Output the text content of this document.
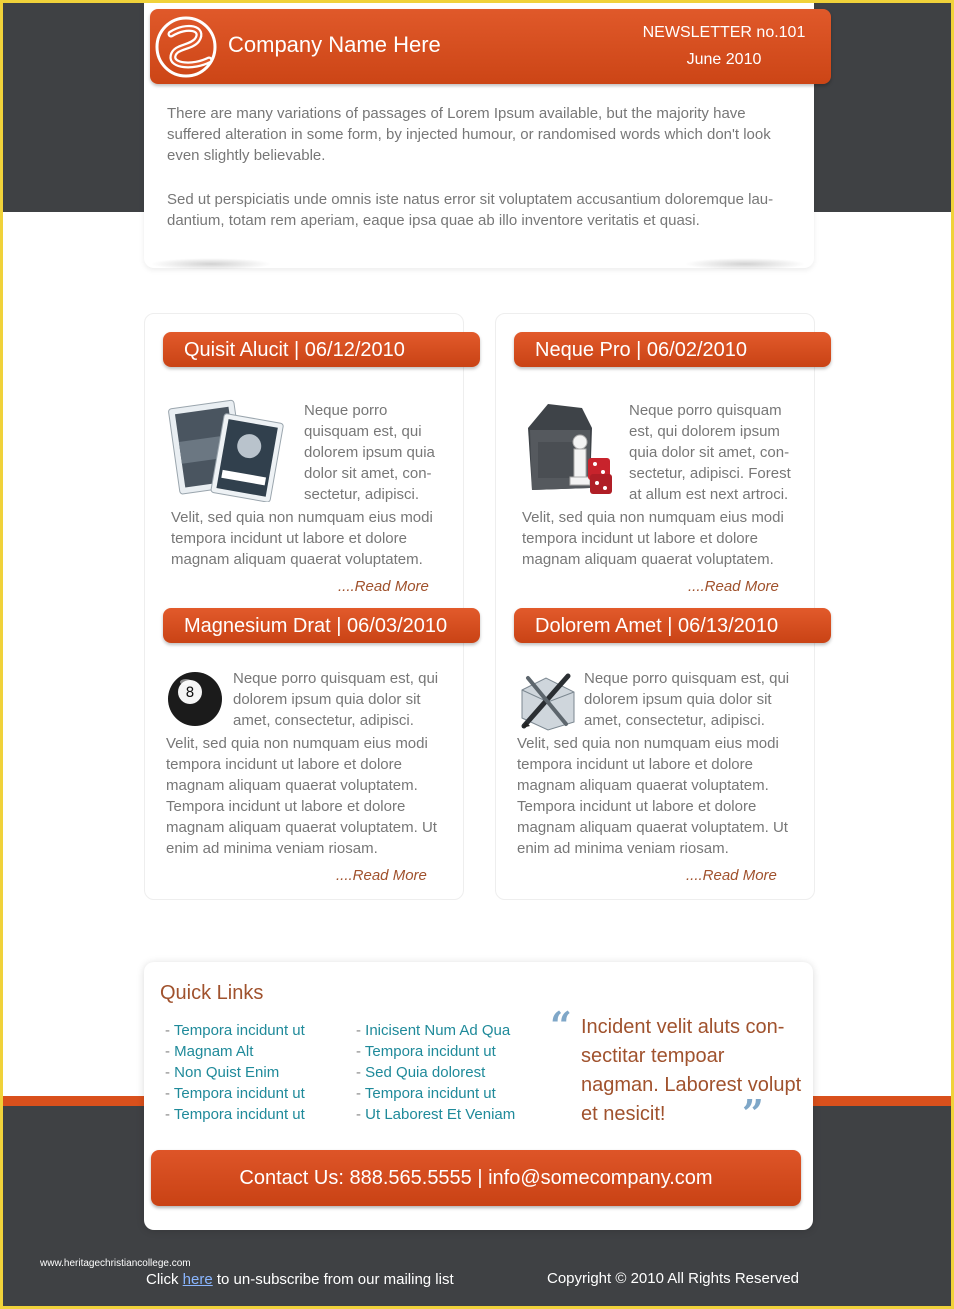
Company Name Here	NEWSLETTER no.101
June 2010

There are many variations of passages of Lorem Ipsum available, but the majority have suffered alteration in some form, by injected humour, or randomised words which don't look even slightly believable.

Sed ut perspiciatis unde omnis iste natus error sit voluptatem accusantium doloremque lau-dantium, totam rem aperiam, eaque ipsa quae ab illo inventore veritatis et quasi.

Quisit Alucit | 06/12/2010

Neque porro quisquam est, qui dolorem ipsum quia dolor sit amet, con-sectetur, adipisci.

Velit, sed quia non numquam eius modi tempora incidunt ut labore et dolore magnam aliquam quaerat voluptatem.

....Read More
Neque Pro | 06/02/2010

Neque porro quisquam est, qui dolorem ipsum quia dolor sit amet, con-sectetur, adipisci. Forest at allum est next artroci.

Velit, sed quia non numquam eius modi tempora incidunt ut labore et dolore magnam aliquam quaerat voluptatem.

....Read More
Magnesium Drat | 06/03/2010
8

Neque porro quisquam est, qui dolorem ipsum quia dolor sit amet, consectetur, adipisci.

Velit, sed quia non numquam eius modi tempora incidunt ut labore et dolore magnam aliquam quaerat voluptatem. Tempora incidunt ut labore et dolore magnam aliquam quaerat voluptatem. Ut enim ad minima veniam riosam.

....Read More
Dolorem Amet | 06/13/2010

Neque porro quisquam est, qui dolorem ipsum quia dolor sit amet, consectetur, adipisci.

Velit, sed quia non numquam eius modi tempora incidunt ut labore et dolore magnam aliquam quaerat voluptatem. Tempora incidunt ut labore et dolore magnam aliquam quaerat voluptatem. Ut enim ad minima veniam riosam.

....Read More
Quick Links
- Tempora incidunt ut
- Magnam Alt
- Non Quist Enim
- Tempora incidunt ut
- Tempora incidunt ut
- Inicisent Num Ad Qua
- Tempora incidunt ut
- Sed Quia dolorest
- Tempora incidunt ut
- Ut Laborest Et Veniam
“ Incident velit aluts con-sectitar tempoar nagman. Laborest volupt et nesicit!	”
Contact Us: 888.565.5555 | info@somecompany.com
www.heritagechristiancollege.com
Click here to un-subscribe from our mailing list	Copyright © 2010 All Rights Reserved
